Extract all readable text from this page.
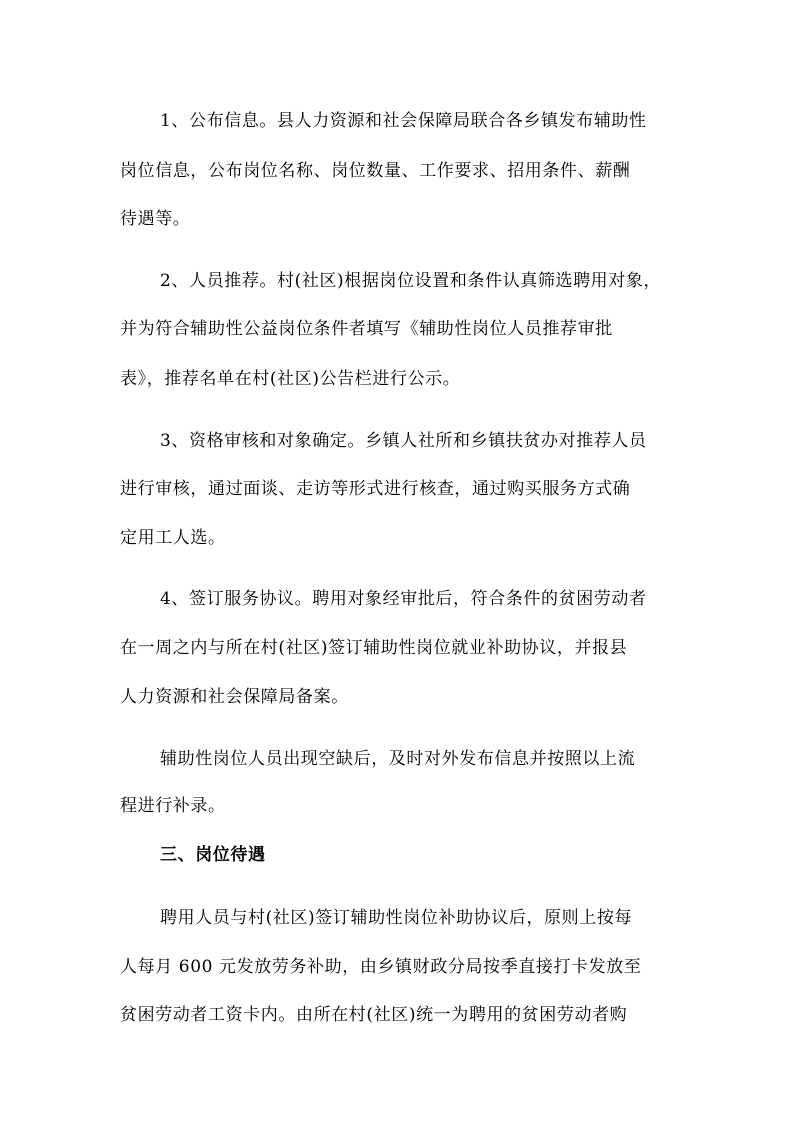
1、公布信息。县人力资源和社会保障局联合各乡镇发布辅助性
岗位信息，公布岗位名称、岗位数量、工作要求、招用条件、薪酬
待遇等。
2、人员推荐。村(社区)根据岗位设置和条件认真筛选聘用对象，
并为符合辅助性公益岗位条件者填写《辅助性岗位人员推荐审批
表》，推荐名单在村(社区)公告栏进行公示。
3、资格审核和对象确定。乡镇人社所和乡镇扶贫办对推荐人员
进行审核，通过面谈、走访等形式进行核查，通过购买服务方式确
定用工人选。
4、签订服务协议。聘用对象经审批后，符合条件的贫困劳动者
在一周之内与所在村(社区)签订辅助性岗位就业补助协议，并报县
人力资源和社会保障局备案。
辅助性岗位人员出现空缺后，及时对外发布信息并按照以上流
程进行补录。
三、岗位待遇
聘用人员与村(社区)签订辅助性岗位补助协议后，原则上按每
人每月 600 元发放劳务补助，由乡镇财政分局按季直接打卡发放至
贫困劳动者工资卡内。由所在村(社区)统一为聘用的贫困劳动者购
